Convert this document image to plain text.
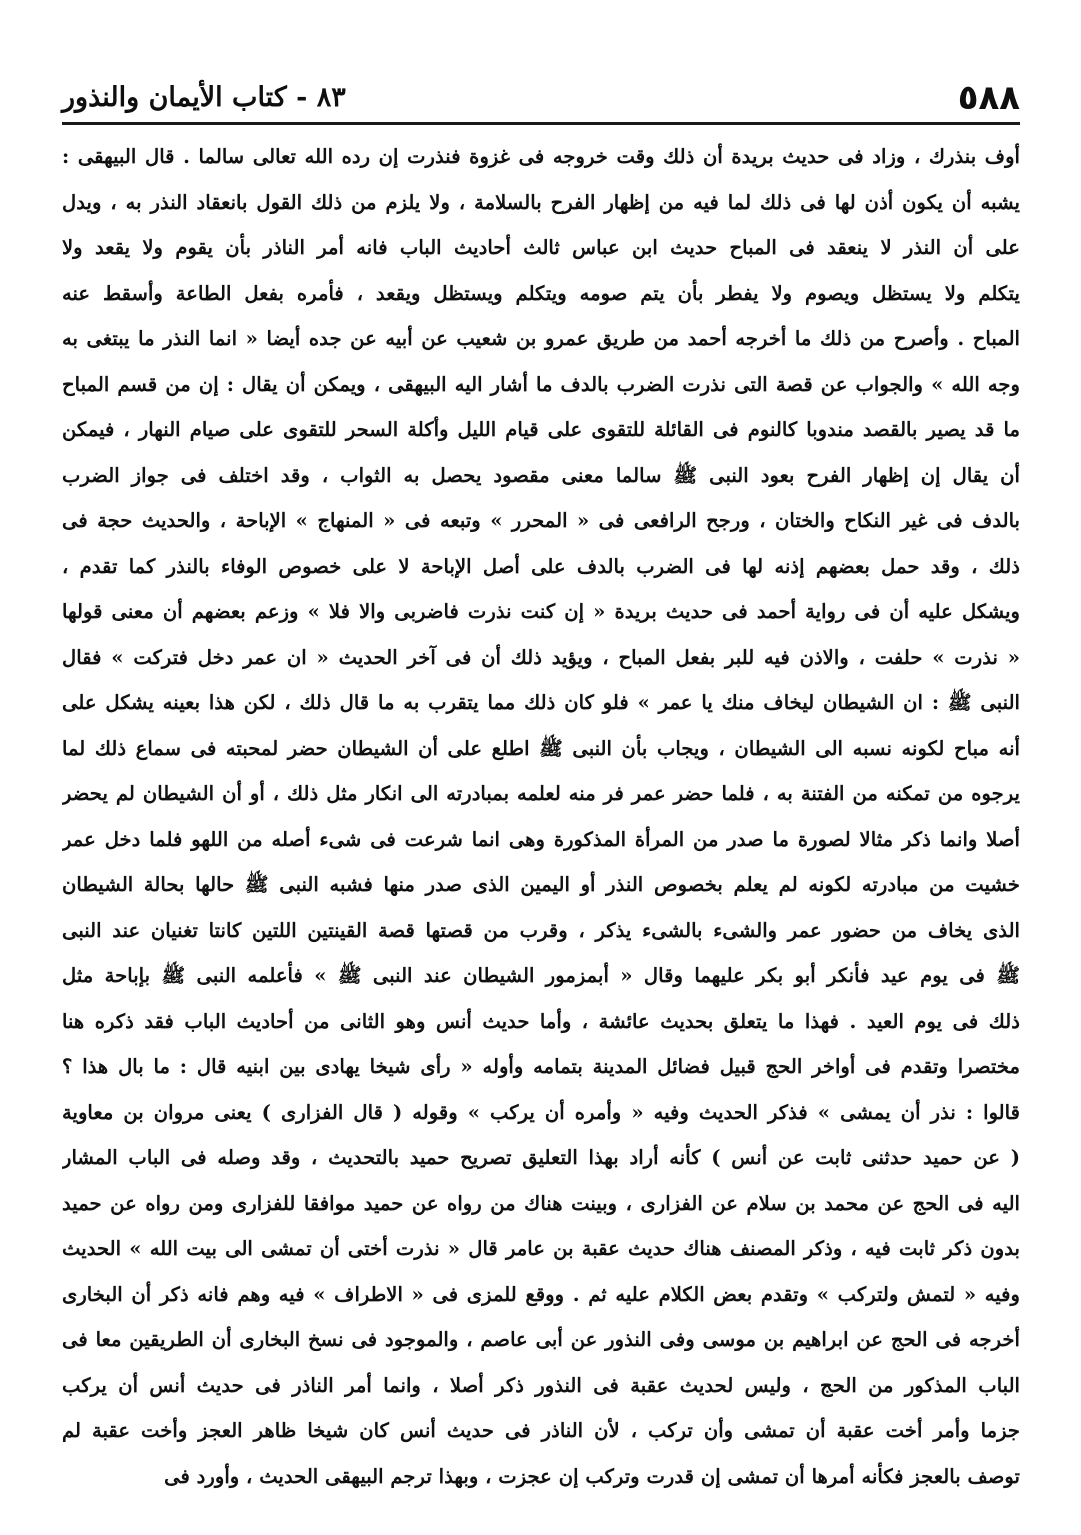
٥٨٨
٨٣ - كتاب الأيمان والنذور
أوف بنذرك ، وزاد فى حديث بريدة أن ذلك وقت خروجه فى غزوة فنذرت إن رده الله تعالى سالما . قال البيهقى :
يشبه أن يكون أذن لها فى ذلك لما فيه من إظهار الفرح بالسلامة ، ولا يلزم من ذلك القول بانعقاد النذر به ، ويدل
على أن النذر لا ينعقد فى المباح حديث ابن عباس ثالث أحاديث الباب فانه أمر الناذر بأن يقوم ولا يقعد ولا
يتكلم ولا يستظل ويصوم ولا يفطر بأن يتم صومه ويتكلم ويستظل ويقعد ، فأمره بفعل الطاعة وأسقط عنه
المباح . وأصرح من ذلك ما أخرجه أحمد من طريق عمرو بن شعيب عن أبيه عن جده أيضا « انما النذر ما يبتغى به
وجه الله » والجواب عن قصة التى نذرت الضرب بالدف ما أشار اليه البيهقى ، ويمكن أن يقال : إن من قسم المباح
ما قد يصير بالقصد مندوبا كالنوم فى القائلة للتقوى على قيام الليل وأكلة السحر للتقوى على صيام النهار ، فيمكن
أن يقال إن إظهار الفرح بعود النبى ﷺ سالما معنى مقصود يحصل به الثواب ، وقد اختلف فى جواز الضرب
بالدف فى غير النكاح والختان ، ورجح الرافعى فى « المحرر » وتبعه فى « المنهاج » الإباحة ، والحديث حجة فى
ذلك ، وقد حمل بعضهم إذنه لها فى الضرب بالدف على أصل الإباحة لا على خصوص الوفاء بالنذر كما تقدم ،
ويشكل عليه أن فى رواية أحمد فى حديث بريدة « إن كنت نذرت فاضربى والا فلا » وزعم بعضهم أن معنى قولها
« نذرت » حلفت ، والاذن فيه للبر بفعل المباح ، ويؤيد ذلك أن فى آخر الحديث « ان عمر دخل فتركت » فقال
النبى ﷺ : ان الشيطان ليخاف منك يا عمر » فلو كان ذلك مما يتقرب به ما قال ذلك ، لكن هذا بعينه يشكل على
أنه مباح لكونه نسبه الى الشيطان ، ويجاب بأن النبى ﷺ اطلع على أن الشيطان حضر لمحبته فى سماع ذلك لما
يرجوه من تمكنه من الفتنة به ، فلما حضر عمر فر منه لعلمه بمبادرته الى انكار مثل ذلك ، أو أن الشيطان لم يحضر
أصلا وانما ذكر مثالا لصورة ما صدر من المرأة المذكورة وهى انما شرعت فى شىء أصله من اللهو فلما دخل عمر
خشيت من مبادرته لكونه لم يعلم بخصوص النذر أو اليمين الذى صدر منها فشبه النبى ﷺ حالها بحالة الشيطان
الذى يخاف من حضور عمر والشىء بالشىء يذكر ، وقرب من قصتها قصة القينتين اللتين كانتا تغنيان عند النبى
ﷺ فى يوم عيد فأنكر أبو بكر عليهما وقال « أبمزمور الشيطان عند النبى ﷺ » فأعلمه النبى ﷺ بإباحة مثل
ذلك فى يوم العيد . فهذا ما يتعلق بحديث عائشة ، وأما حديث أنس وهو الثانى من أحاديث الباب فقد ذكره هنا
مختصرا وتقدم فى أواخر الحج قبيل فضائل المدينة بتمامه وأوله « رأى شيخا يهادى بين ابنيه قال : ما بال هذا ؟
قالوا : نذر أن يمشى » فذكر الحديث وفيه « وأمره أن يركب » وقوله ( قال الفزارى ) يعنى مروان بن معاوية
( عن حميد حدثنى ثابت عن أنس ) كأنه أراد بهذا التعليق تصريح حميد بالتحديث ، وقد وصله فى الباب المشار
اليه فى الحج عن محمد بن سلام عن الفزارى ، وبينت هناك من رواه عن حميد موافقا للفزارى ومن رواه عن حميد
بدون ذكر ثابت فيه ، وذكر المصنف هناك حديث عقبة بن عامر قال « نذرت أختى أن تمشى الى بيت الله » الحديث
وفيه « لتمش ولتركب » وتقدم بعض الكلام عليه ثم . ووقع للمزى فى « الاطراف » فيه وهم فانه ذكر أن البخارى
أخرجه فى الحج عن ابراهيم بن موسى وفى النذور عن أبى عاصم ، والموجود فى نسخ البخارى أن الطريقين معا فى
الباب المذكور من الحج ، وليس لحديث عقبة فى النذور ذكر أصلا ، وانما أمر الناذر فى حديث أنس أن يركب
جزما وأمر أخت عقبة أن تمشى وأن تركب ، لأن الناذر فى حديث أنس كان شيخا ظاهر العجز وأخت عقبة لم
توصف بالعجز فكأنه أمرها أن تمشى إن قدرت وتركب إن عجزت ، وبهذا ترجم البيهقى الحديث ، وأورد فى
